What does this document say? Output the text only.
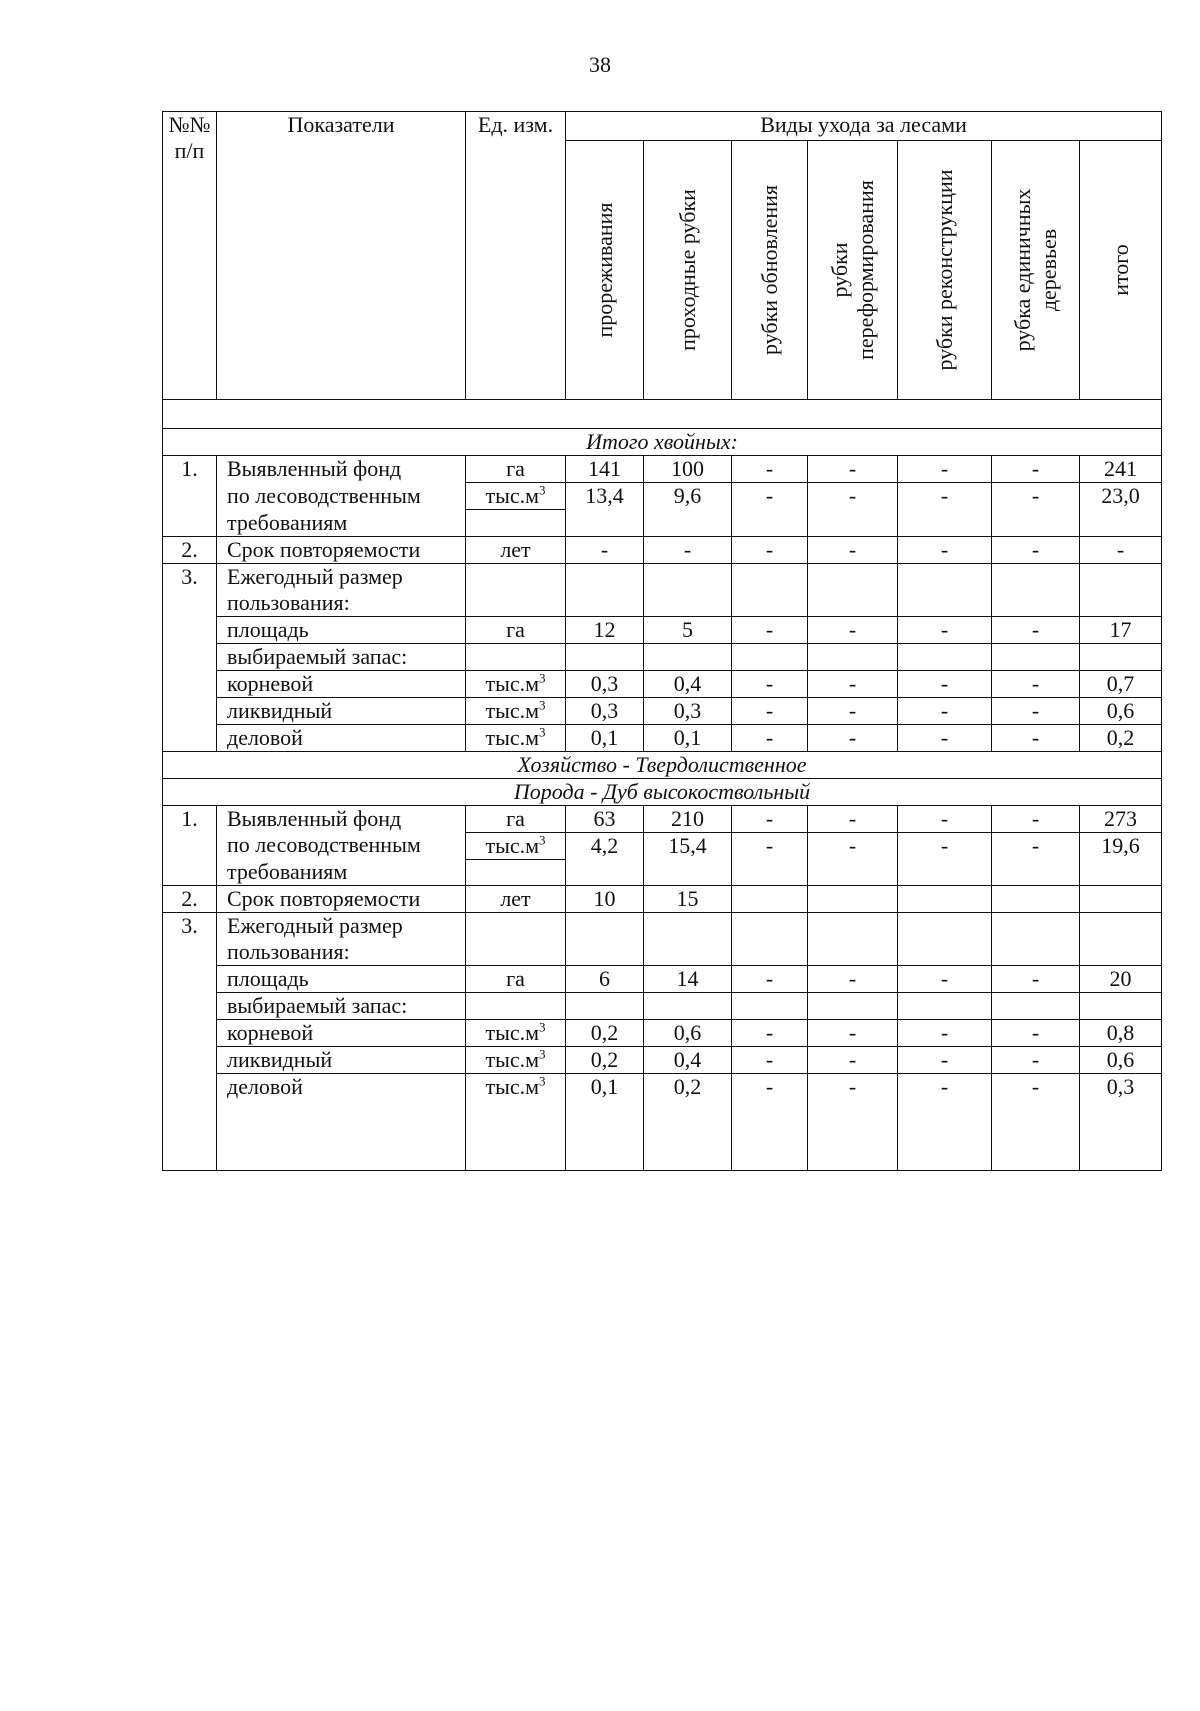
38
№№ п/п	Показатели	Ед. изм.	Виды ухода за лесами						

			прореживания	проходные рубки	рубки обновления	рубки переформирования	рубки реконструкции	рубка единичных деревьев	итого

Итого хвойных:									
1.	Выявленный фонд	га	141	100	-	-	-	-	241
	по лесоводственным	$тыс.м^3$	13,4	9,6	-	-	-	-	23,0
	требованиям								
2.	Срок повторяемости	лет	-	-	-	-	-	-	-
3.	Ежегодный размер пользования:								
	площадь	га	12	5	-	-	-	-	17
	выбираемый запас:								
	корневой	$тыс.м^3$	0,3	0,4	-	-	-	-	0,7
	ликвидный	$тыс.м^3$	0,3	0,3	-	-	-	-	0,6
	деловой	$тыс.м^3$	0,1	0,1	-	-	-	-	0,2
Хозяйство - Твердолиственное									
Порода - Дуб высокоствольный									
1.	Выявленный фонд	га	63	210	-	-	-	-	273
	по лесоводственным	$тыс.м^3$	4,2	15,4	-	-	-	-	19,6
	требованиям								
2.	Срок повторяемости	лет	10	15					
3.	Ежегодный размер пользования:								
	площадь	га	6	14	-	-	-	-	20
	выбираемый запас:								
	корневой	$тыс.м^3$	0,2	0,6	-	-	-	-	0,8
	ликвидный	$тыс.м^3$	0,2	0,4	-	-	-	-	0,6
	деловой	$тыс.м^3$	0,1	0,2	-	-	-	-	0,3
